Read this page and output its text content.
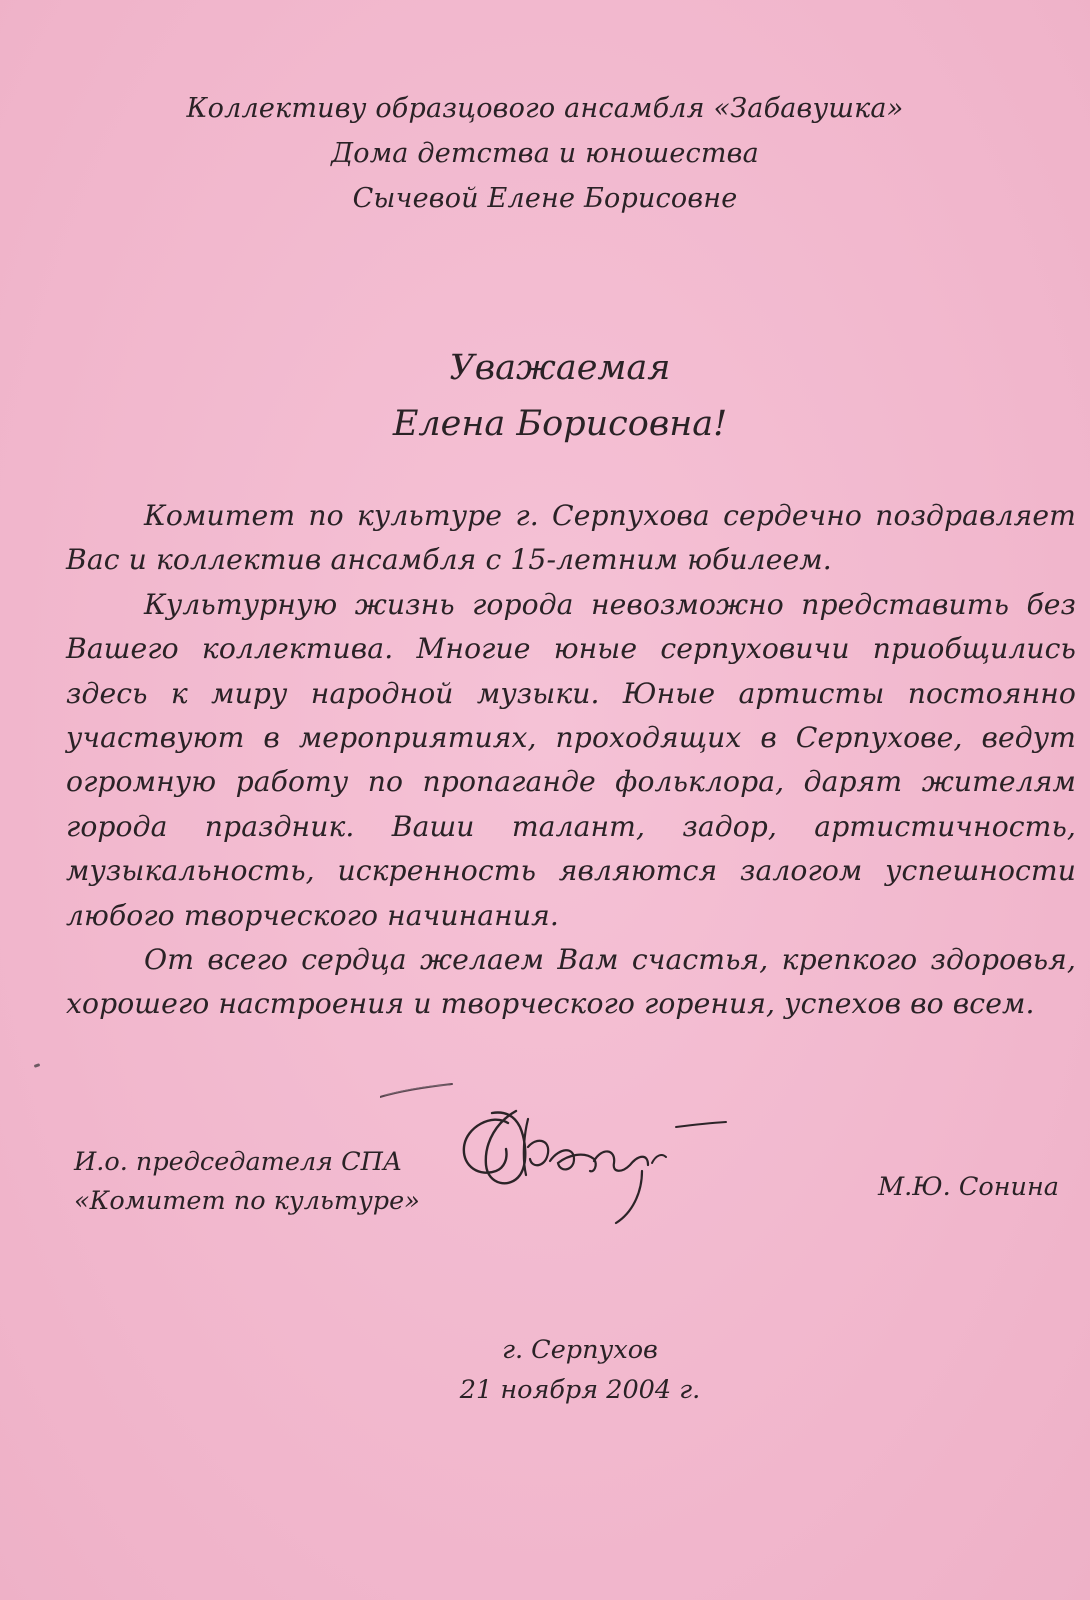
Коллективу образцового ансамбля «Забавушка»
Дома детства и юношества
Сычевой Елене Борисовне
Уважаемая
Елена Борисовна!

Комитет по культуре г. Серпухова сердечно поздравляет Вас и коллектив ансамбля с 15-летним юбилеем.

Культурную жизнь города невозможно представить без Вашего коллектива. Многие юные серпуховичи приобщились здесь к миру народной музыки. Юные артисты постоянно участвуют в мероприятиях, проходящих в Серпухове, ведут огромную работу по пропаганде фольклора, дарят жителям города праздник. Ваши талант, задор, артистичность, музыкальность, искренность являются залогом успешности любого творческого начинания.

От всего сердца желаем Вам счастья, крепкого здоровья, хорошего настроения и творческого горения, успехов во всем.

И.о. председателя СПА
«Комитет по культуре»	М.Ю. Сонина
г. Серпухов
21 ноября 2004 г.
